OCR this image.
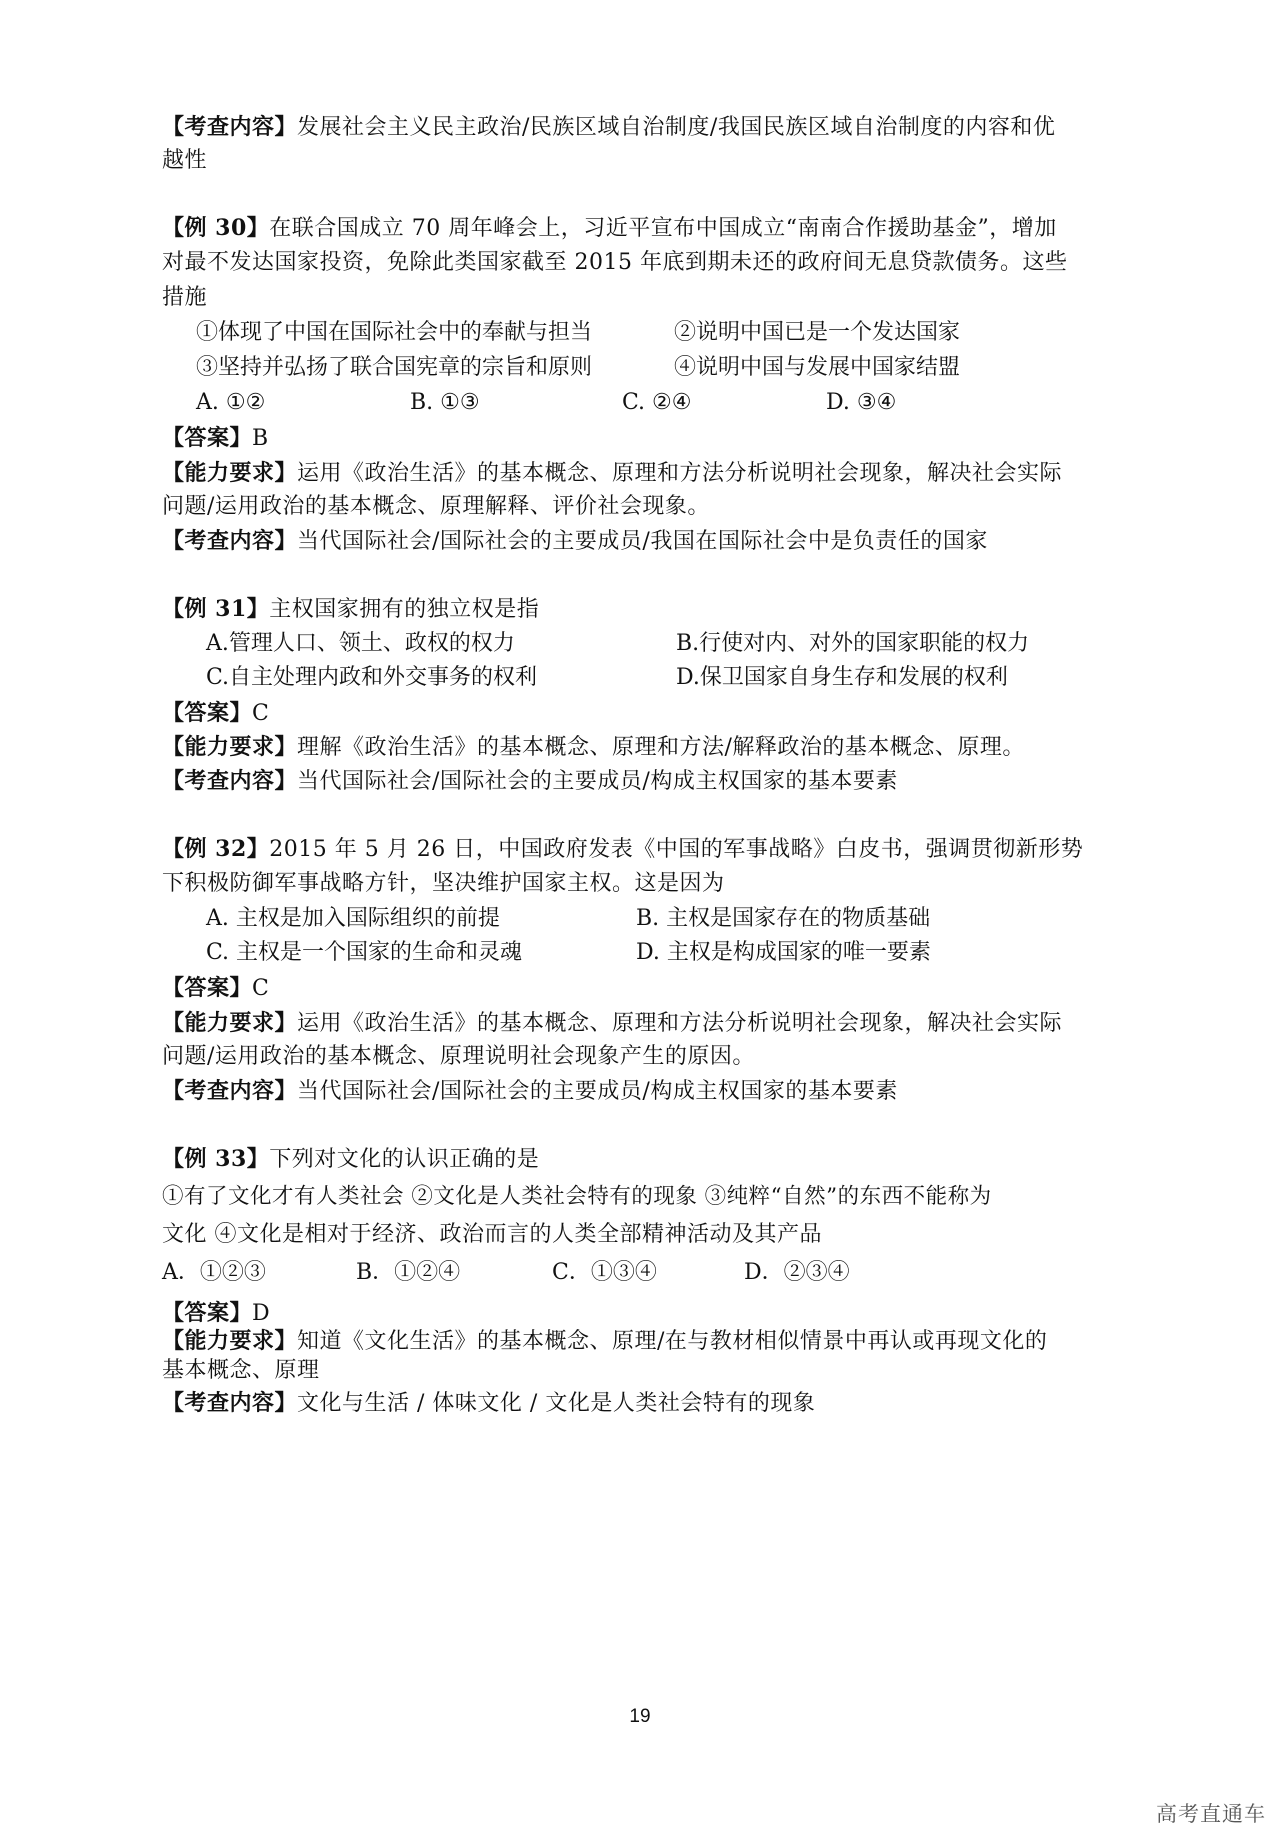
【考查内容】发展社会主义民主政治/民族区域自治制度/我国民族区域自治制度的内容和优
越性
【例 30】在联合国成立 70 周年峰会上，习近平宣布中国成立“南南合作援助基金”，增加
对最不发达国家投资，免除此类国家截至 2015 年底到期未还的政府间无息贷款债务。这些
措施
①体现了中国在国际社会中的奉献与担当	②说明中国已是一个发达国家
③坚持并弘扬了联合国宪章的宗旨和原则	④说明中国与发展中国家结盟
A. ①②	B. ①③	C. ②④	D. ③④
【答案】B
【能力要求】运用《政治生活》的基本概念、原理和方法分析说明社会现象，解决社会实际
问题/运用政治的基本概念、原理解释、评价社会现象。
【考查内容】当代国际社会/国际社会的主要成员/我国在国际社会中是负责任的国家
【例 31】主权国家拥有的独立权是指
A.管理人口、领土、政权的权力	B.行使对内、对外的国家职能的权力
C.自主处理内政和外交事务的权利	D.保卫国家自身生存和发展的权利
【答案】C
【能力要求】理解《政治生活》的基本概念、原理和方法/解释政治的基本概念、原理。
【考查内容】当代国际社会/国际社会的主要成员/构成主权国家的基本要素
【例 32】2015 年 5 月 26 日，中国政府发表《中国的军事战略》白皮书，强调贯彻新形势
下积极防御军事战略方针，坚决维护国家主权。这是因为
A. 主权是加入国际组织的前提	B. 主权是国家存在的物质基础
C. 主权是一个国家的生命和灵魂	D. 主权是构成国家的唯一要素
【答案】C
【能力要求】运用《政治生活》的基本概念、原理和方法分析说明社会现象，解决社会实际
问题/运用政治的基本概念、原理说明社会现象产生的原因。
【考查内容】当代国际社会/国际社会的主要成员/构成主权国家的基本要素
【例 33】下列对文化的认识正确的是
①有了文化才有人类社会 ②文化是人类社会特有的现象 ③纯粹“自然”的东西不能称为
文化 ④文化是相对于经济、政治而言的人类全部精神活动及其产品
A．①②③	B．①②④	C．①③④	D．②③④
【答案】D
【能力要求】知道《文化生活》的基本概念、原理/在与教材相似情景中再认或再现文化的
基本概念、原理
【考查内容】文化与生活 / 体味文化 / 文化是人类社会特有的现象
19
高考直通车
